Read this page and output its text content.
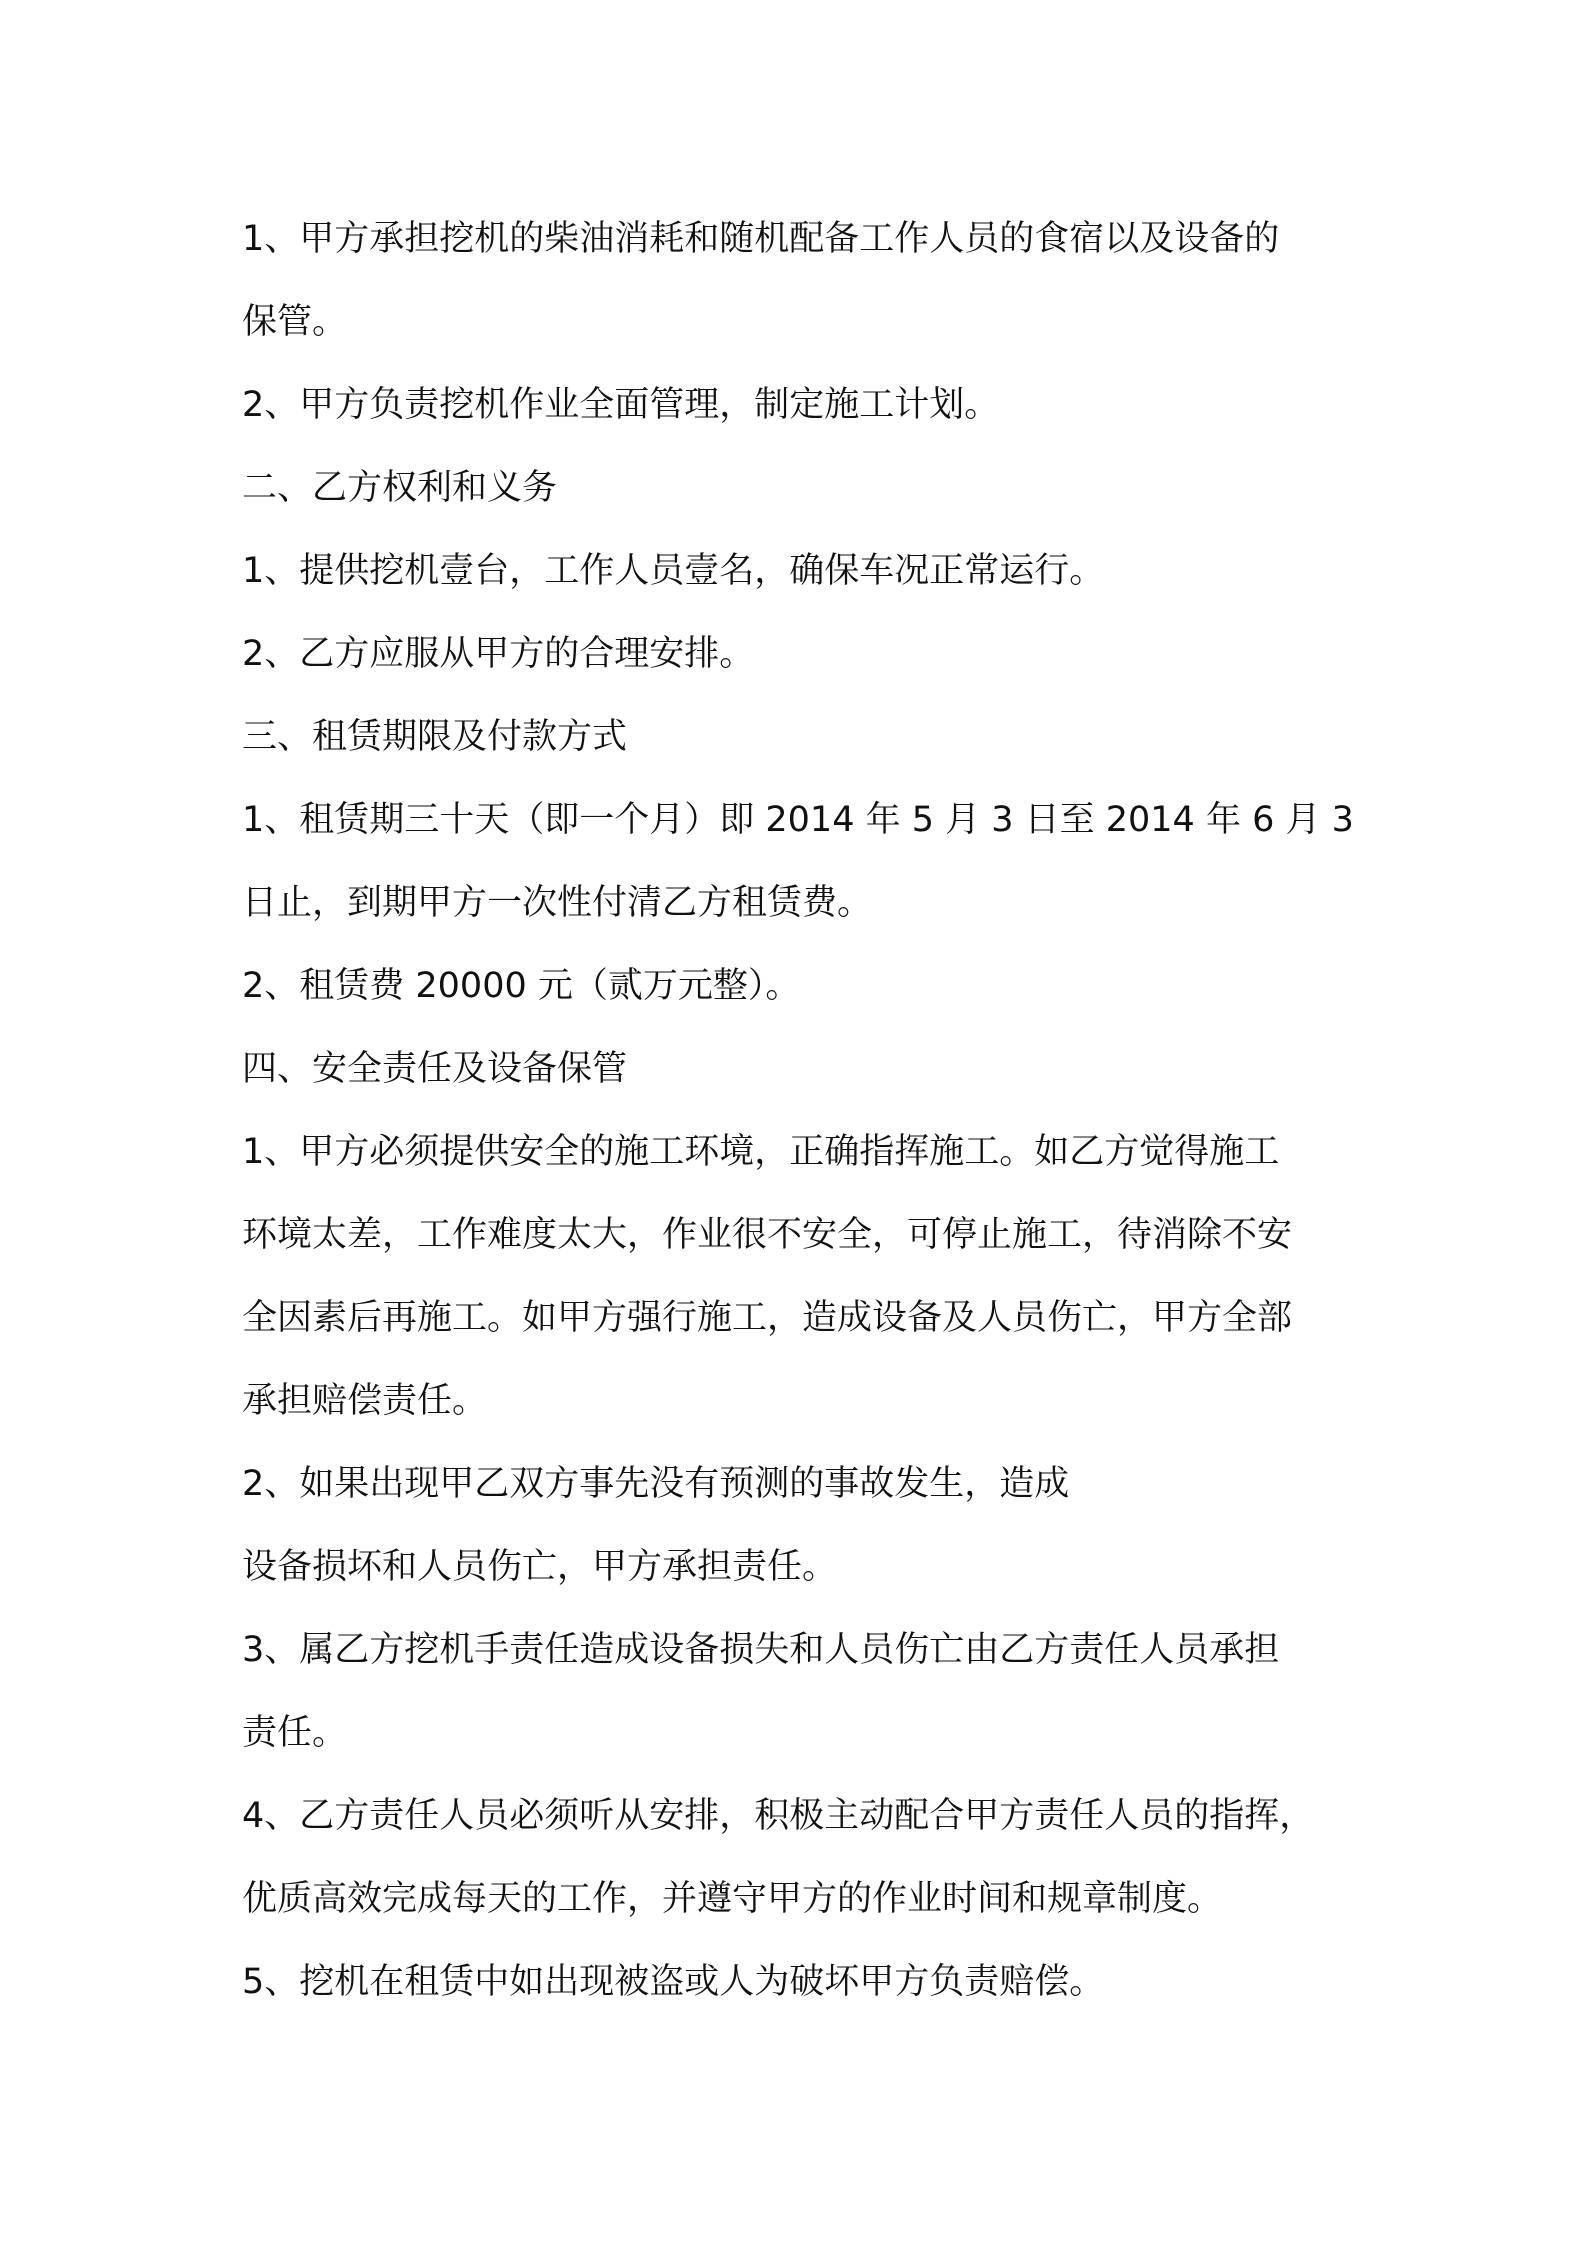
1、甲方承担挖机的柴油消耗和随机配备工作人员的食宿以及设备的
保管。
2、甲方负责挖机作业全面管理，制定施工计划。
二、乙方权利和义务
1、提供挖机壹台，工作人员壹名，确保车况正常运行。
2、乙方应服从甲方的合理安排。
三、租赁期限及付款方式
1、租赁期三十天（即一个月）即 2014 年 5 月 3 日至 2014 年 6 月 3
日止，到期甲方一次性付清乙方租赁费。
2、租赁费 20000 元（贰万元整）。
四、安全责任及设备保管
1、甲方必须提供安全的施工环境，正确指挥施工。如乙方觉得施工
环境太差，工作难度太大，作业很不安全，可停止施工，待消除不安
全因素后再施工。如甲方强行施工，造成设备及人员伤亡，甲方全部
承担赔偿责任。
2、如果出现甲乙双方事先没有预测的事故发生，造成
设备损坏和人员伤亡，甲方承担责任。
3、属乙方挖机手责任造成设备损失和人员伤亡由乙方责任人员承担
责任。
4、乙方责任人员必须听从安排，积极主动配合甲方责任人员的指挥，
优质高效完成每天的工作，并遵守甲方的作业时间和规章制度。
5、挖机在租赁中如出现被盗或人为破坏甲方负责赔偿。
